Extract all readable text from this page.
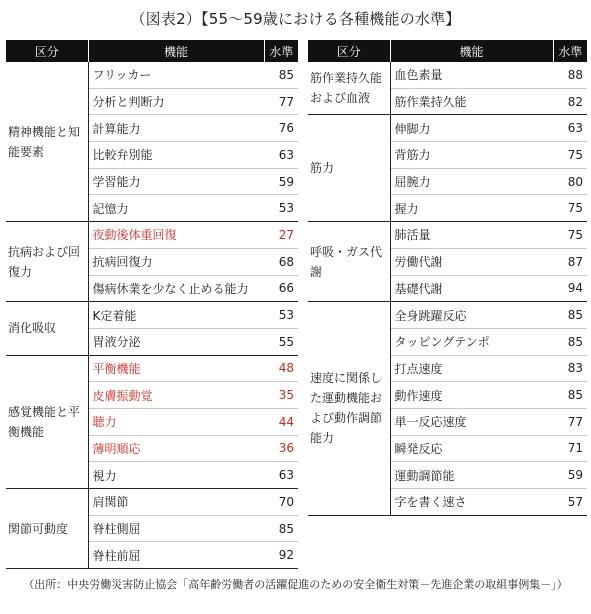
（図表2）【55～59歳における各種機能の水準】
区分	機能	水準
精神機能と知能要素	フリッカー	85
	分析と判断力	77
	計算能力	76
	比較弁別能	63
	学習能力	59
	記憶力	53
抗病および回復力	夜動後体重回復	27
	抗病回復力	68
	傷病休業を少なく止める能力	66
消化吸収	K定着能	53
	胃液分泌	55
感覚機能と平衡機能	平衡機能	48
	皮膚振動覚	35
	聴力	44
	薄明順応	36
	視力	63
関節可動度	肩関節	70
	脊柱側屈	85
	脊柱前屈	92
区分	機能	水準
筋作業持久能および血液	血色素量	88
	筋作業持久能	82
筋力	伸脚力	63
	背筋力	75
	屈腕力	80
	握力	75
呼吸・ガス代謝	肺活量	75
	労働代謝	87
	基礎代謝	94
速度に関係した運動機能および動作調節能力	全身跳躍反応	85
	タッピングテンポ	85
	打点速度	83
	動作速度	85
	単一反応速度	77
	瞬発反応	71
	運動調節能	59
	字を書く速さ	57
（出所：中央労働災害防止協会「高年齢労働者の活躍促進のための安全衛生対策－先進企業の取組事例集－」）
